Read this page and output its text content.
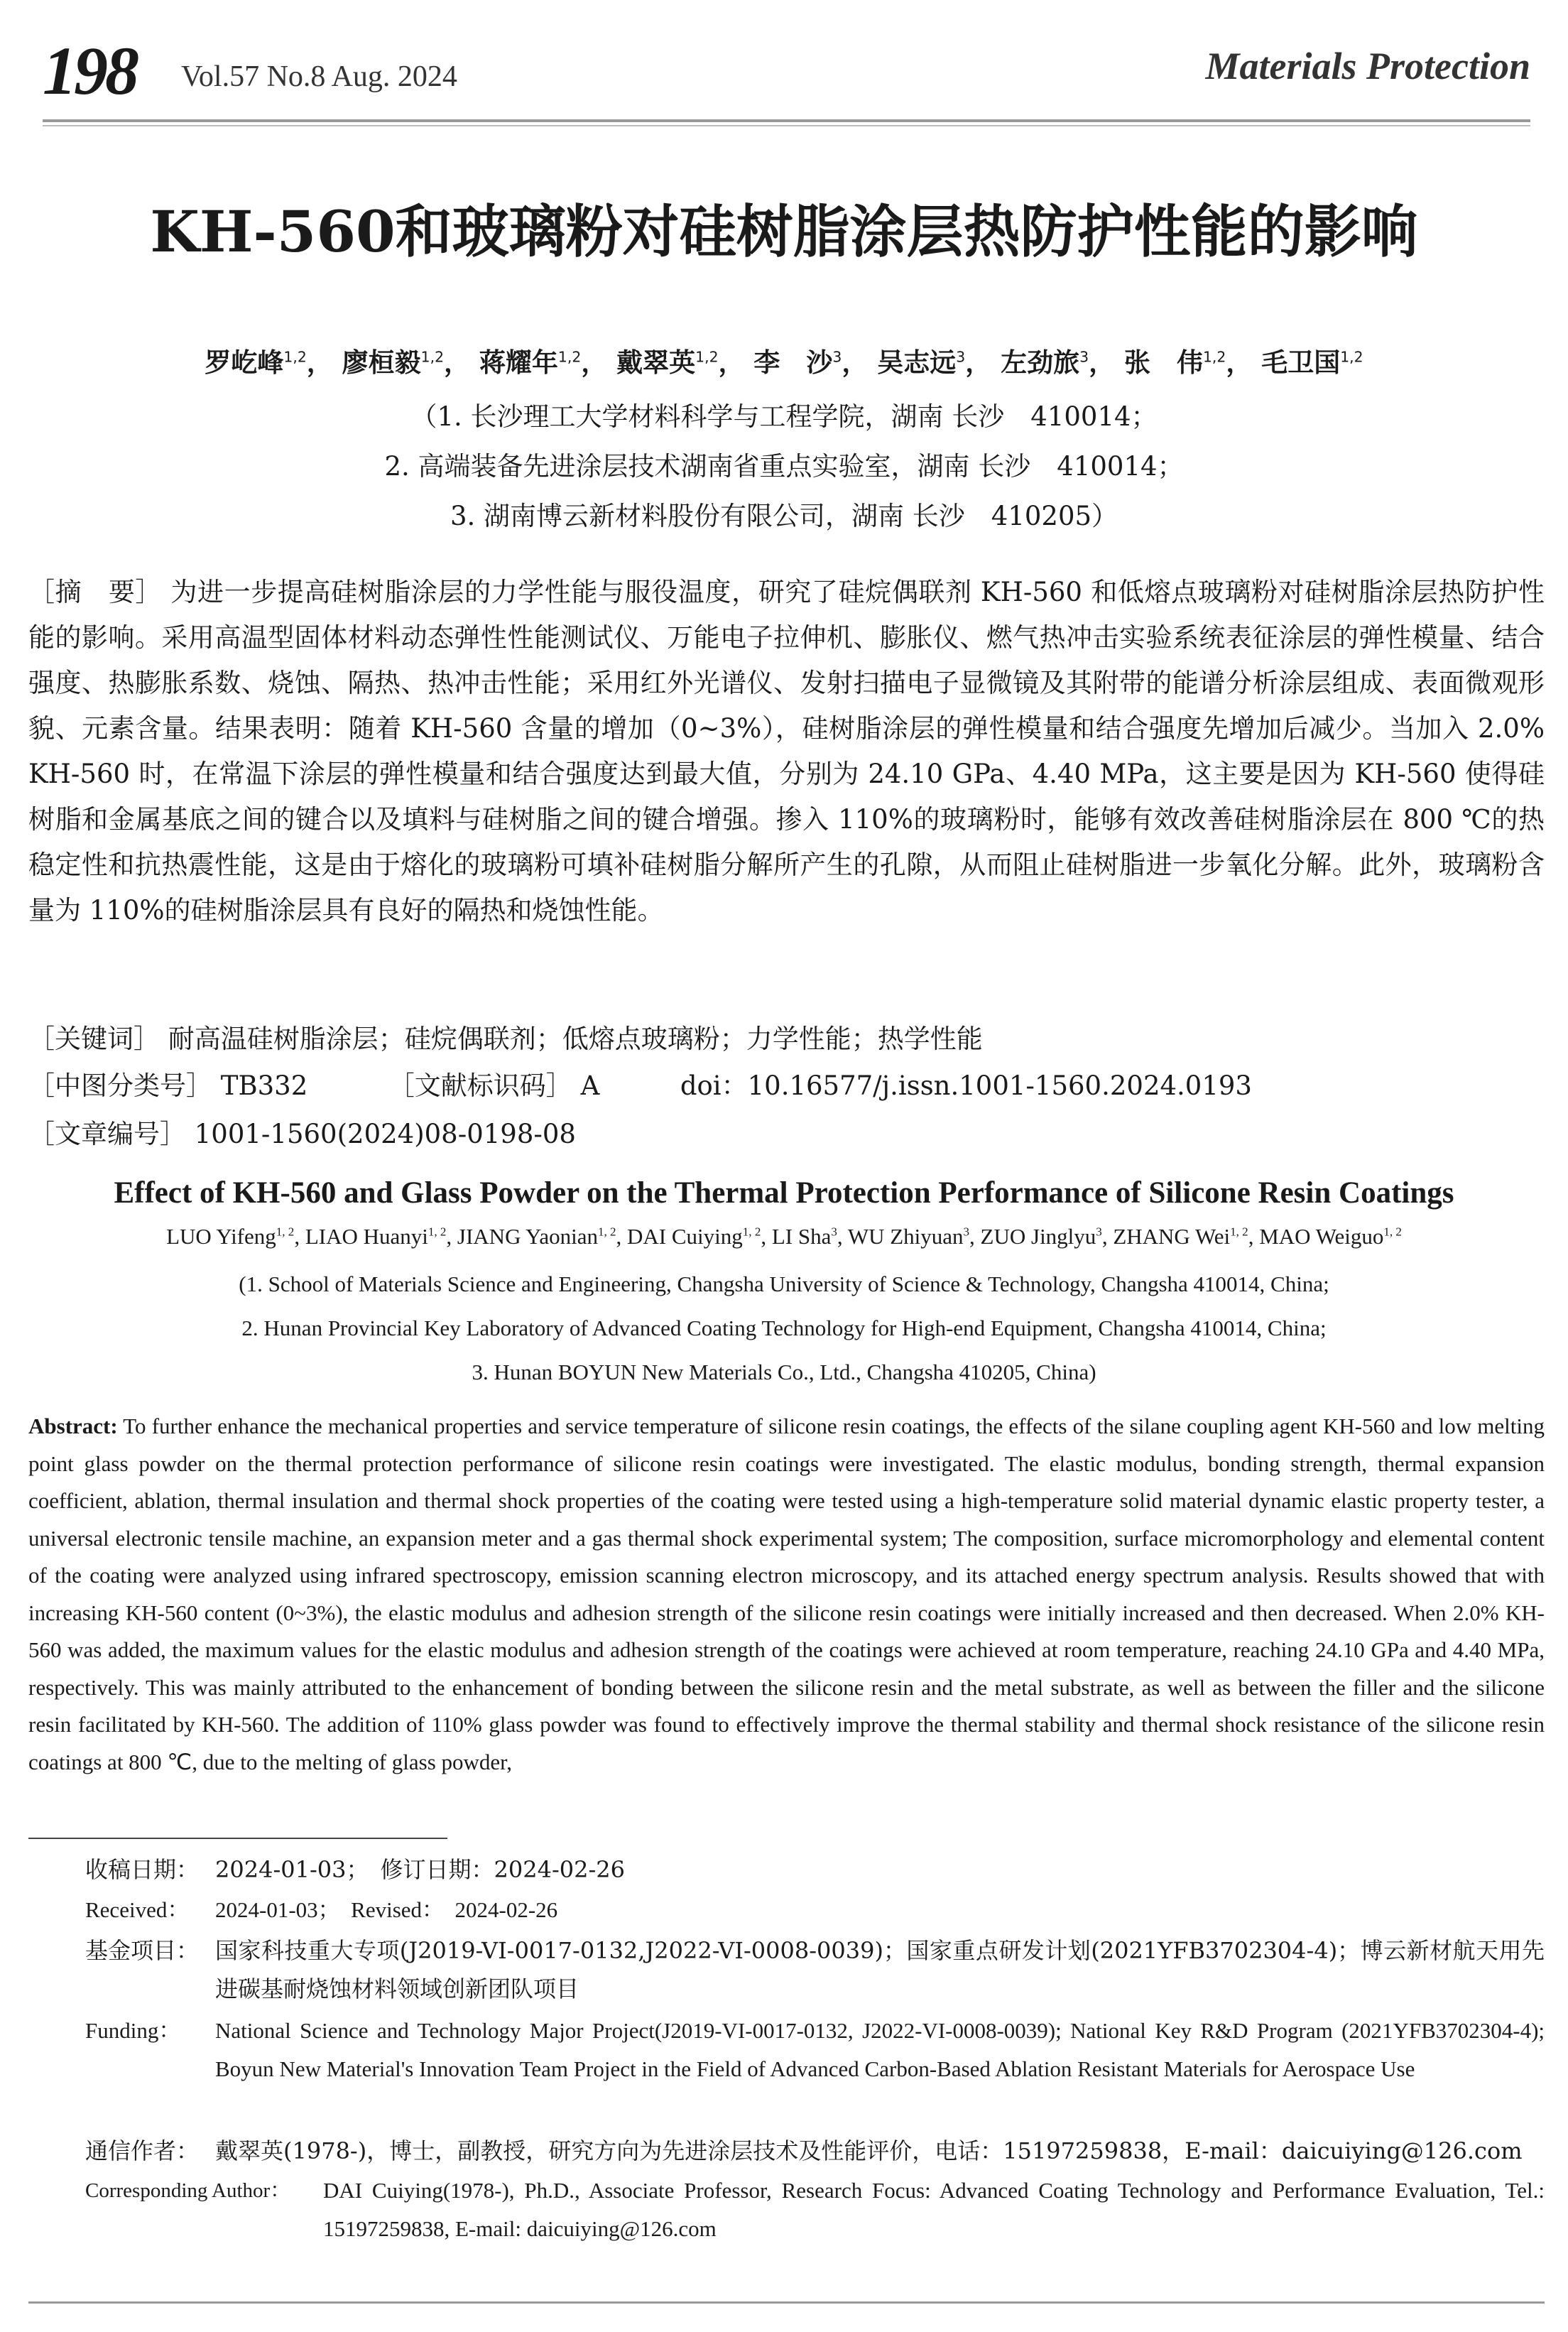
198 Vol.57 No.8 Aug. 2024	Materials Protection
KH-560和玻璃粉对硅树脂涂层热防护性能的影响
罗屹峰$^{1,2}$， 廖桓毅$^{1,2}$， 蒋耀年$^{1,2}$， 戴翠英$^{1,2}$， 李　沙$^3$， 吴志远$^3$， 左劲旅$^3$， 张　伟$^{1,2}$， 毛卫国$^{1,2}$
（1. 长沙理工大学材料科学与工程学院，湖南 长沙　410014；
2. 高端装备先进涂层技术湖南省重点实验室，湖南 长沙　410014；
3. 湖南博云新材料股份有限公司，湖南 长沙　410205）
［摘　要］ 为进一步提高硅树脂涂层的力学性能与服役温度，研究了硅烷偶联剂 KH-560 和低熔点玻璃粉对硅树脂涂层热防护性能的影响。采用高温型固体材料动态弹性性能测试仪、万能电子拉伸机、膨胀仪、燃气热冲击实验系统表征涂层的弹性模量、结合强度、热膨胀系数、烧蚀、隔热、热冲击性能；采用红外光谱仪、发射扫描电子显微镜及其附带的能谱分析涂层组成、表面微观形貌、元素含量。结果表明：随着 KH-560 含量的增加（0~3%），硅树脂涂层的弹性模量和结合强度先增加后减少。当加入 2.0% KH-560 时，在常温下涂层的弹性模量和结合强度达到最大值，分别为 24.10 GPa、4.40 MPa，这主要是因为 KH-560 使得硅树脂和金属基底之间的键合以及填料与硅树脂之间的键合增强。掺入 110%的玻璃粉时，能够有效改善硅树脂涂层在 800 ℃的热稳定性和抗热震性能，这是由于熔化的玻璃粉可填补硅树脂分解所产生的孔隙，从而阻止硅树脂进一步氧化分解。此外，玻璃粉含量为 110%的硅树脂涂层具有良好的隔热和烧蚀性能。
［关键词］ 耐高温硅树脂涂层；硅烷偶联剂；低熔点玻璃粉；力学性能；热学性能
［中图分类号］ TB332	［文献标识码］ A	doi：10.16577/j.issn.1001-1560.2024.0193
［文章编号］ 1001-1560(2024)08-0198-08
Effect of KH-560 and Glass Powder on the Thermal Protection Performance of Silicone Resin Coatings
LUO Yifeng$^{1, 2}$, LIAO Huanyi$^{1, 2}$, JIANG Yaonian$^{1, 2}$, DAI Cuiying$^{1, 2}$, LI Sha$^3$, WU Zhiyuan$^3$, ZUO Jinglyu$^3$, ZHANG Wei$^{1, 2}$, MAO Weiguo$^{1, 2}$
(1. School of Materials Science and Engineering, Changsha University of Science & Technology, Changsha 410014, China;
2. Hunan Provincial Key Laboratory of Advanced Coating Technology for High-end Equipment, Changsha 410014, China;
3. Hunan BOYUN New Materials Co., Ltd., Changsha 410205, China)
Abstract: To further enhance the mechanical properties and service temperature of silicone resin coatings, the effects of the silane coupling agent KH-560 and low melting point glass powder on the thermal protection performance of silicone resin coatings were investigated. The elastic modulus, bonding strength, thermal expansion coefficient, ablation, thermal insulation and thermal shock properties of the coating were tested using a high-temperature solid material dynamic elastic property tester, a universal electronic tensile machine, an expansion meter and a gas thermal shock experimental system; The composition, surface micromorphology and elemental content of the coating were analyzed using infrared spectroscopy, emission scanning electron microscopy, and its attached energy spectrum analysis. Results showed that with increasing KH-560 content (0~3%), the elastic modulus and adhesion strength of the silicone resin coatings were initially increased and then decreased. When 2.0% KH-560 was added, the maximum values for the elastic modulus and adhesion strength of the coatings were achieved at room temperature, reaching 24.10 GPa and 4.40 MPa, respectively. This was mainly attributed to the enhancement of bonding between the silicone resin and the metal substrate, as well as between the filler and the silicone resin facilitated by KH-560. The addition of 110% glass powder was found to effectively improve the thermal stability and thermal shock resistance of the silicone resin coatings at 800 ℃, due to the melting of glass powder,
收稿日期： 2024-01-03；　修订日期：2024-02-26
Received： 2024-01-03；　Revised：　2024-02-26
基金项目： 国家科技重大专项(J2019-VI-0017-0132,J2022-VI-0008-0039)；国家重点研发计划(2021YFB3702304-4)；博云新材航天用先进碳基耐烧蚀材料领域创新团队项目
Funding： National Science and Technology Major Project(J2019-VI-0017-0132, J2022-VI-0008-0039); National Key R&D Program (2021YFB3702304-4); Boyun New Material's Innovation Team Project in the Field of Advanced Carbon-Based Ablation Resistant Materials for Aerospace Use
通信作者： 戴翠英(1978-)，博士，副教授，研究方向为先进涂层技术及性能评价，电话：15197259838，E-mail：daicuiying@126.com
Corresponding Author： DAI Cuiying(1978-), Ph.D., Associate Professor, Research Focus: Advanced Coating Technology and Performance Evaluation, Tel.: 15197259838, E-mail: daicuiying@126.com
